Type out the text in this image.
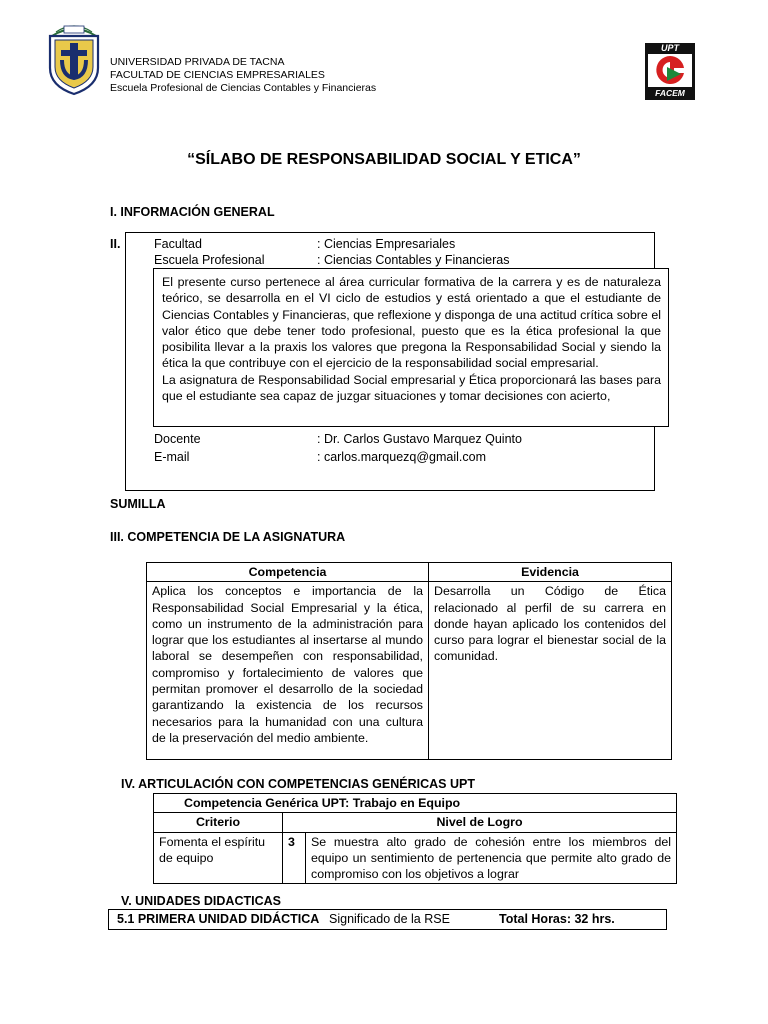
UNIVERSIDAD PRIVADA DE TACNA
FACULTAD DE CIENCIAS EMPRESARIALES
Escuela Profesional de Ciencias Contables y Financieras
UPT
FACEM
“SÍLABO DE RESPONSABILIDAD SOCIAL Y ETICA”
I. INFORMACIÓN GENERAL
II.	Facultad	: Ciencias Empresariales
Escuela Profesional	: Ciencias Contables y Financieras

El presente curso pertenece al área curricular formativa de la carrera y es de naturaleza teórico, se desarrolla en el VI ciclo de estudios y está orientado a que el estudiante de Ciencias Contables y Financieras, que reflexione y disponga de una actitud crítica sobre el valor ético que debe tener todo profesional, puesto que es la ética profesional la que posibilita llevar a la praxis los valores que pregona la Responsabilidad Social y siendo la ética la que contribuye con el ejercicio de la responsabilidad social empresarial.

La asignatura de Responsabilidad Social empresarial y Ética proporcionará las bases para que el estudiante sea capaz de juzgar situaciones y tomar decisiones con acierto,

Docente	: Dr. Carlos Gustavo Marquez Quinto
E-mail	: carlos.marquezq@gmail.com
SUMILLA
III. COMPETENCIA DE LA ASIGNATURA
Competencia	Evidencia
Aplica los conceptos e importancia de la Responsabilidad Social Empresarial y la ética, como un instrumento de la administración para lograr que los estudiantes al insertarse al mundo laboral se desempeñen con responsabilidad, compromiso y fortalecimiento de valores que permitan promover el desarrollo de la sociedad garantizando la existencia de los recursos necesarios para la humanidad con una cultura de la preservación del medio ambiente.	Desarrolla un Código de Ética relacionado al perfil de su carrera en donde hayan aplicado los contenidos del curso para lograr el bienestar social de la comunidad.
IV. ARTICULACIÓN CON COMPETENCIAS GENÉRICAS UPT
Competencia Genérica UPT: Trabajo en Equipo		
Criterio	Nivel de Logro	
Fomenta el espíritu de equipo	3	Se muestra alto grado de cohesión entre los miembros del equipo un sentimiento de pertenencia que permite alto grado de compromiso con los objetivos a lograr
V. UNIDADES DIDACTICAS
5.1 PRIMERA UNIDAD DIDÁCTICA Significado de la RSE	Total Horas: 32 hrs.
